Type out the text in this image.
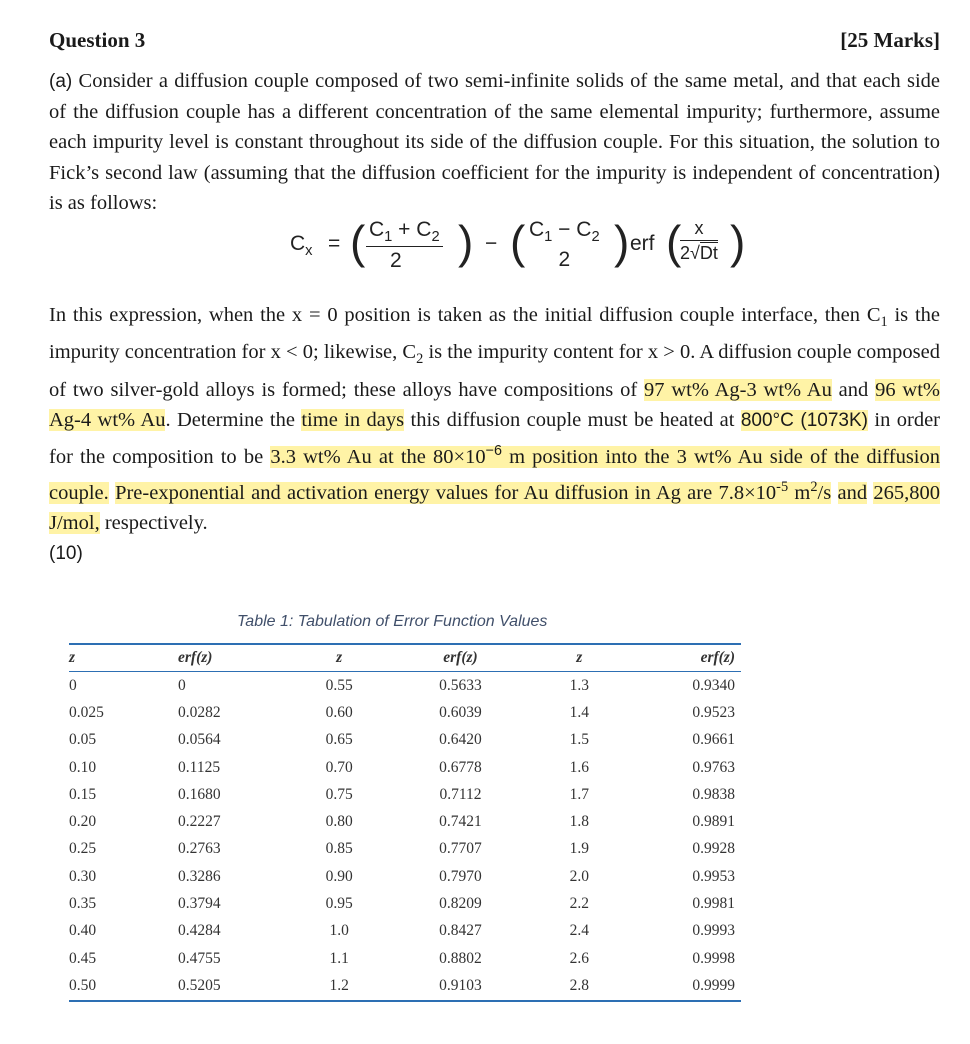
Question 3	[25 Marks]
(a) Consider a diffusion couple composed of two semi-infinite solids of the same metal, and that each side of the diffusion couple has a different concentration of the same elemental impurity; furthermore, assume each impurity level is constant throughout its side of the diffusion couple. For this situation, the solution to Fick’s second law (assuming that the diffusion coefficient for the impurity is independent of concentration) is as follows:
$C_x$ = ( $\frac{C_1 + C_2}{2}$ ) − ( $C_1 - C_2$
2 ) erf (
$\frac{x}{2√Dt}$ )
In this expression, when the x = 0 position is taken as the initial diffusion couple interface, then $C_1$ is the impurity concentration for x < 0; likewise, $C_2$ is the impurity content for x > 0. A diffusion couple composed of two silver-gold alloys is formed; these alloys have compositions of 97 wt% Ag-3 wt% Au and 96 wt% Ag-4 wt% Au. Determine the time in days this diffusion couple must be heated at 800°C (1073K) in order for the composition to be 3.3 wt% Au at the $80\times 10^{-6}$ m position into the 3 wt% Au side of the diffusion couple. Pre-exponential and activation energy values for Au diffusion in Ag are $7.8\times 10^{-5}$ $m^2/s$ and 265,800 J/mol, respectively.
(10)
Table 1: Tabulation of Error Function Values
z	erf(z)	z	erf(z)	z	erf(z)
0	0	0.55	0.5633	1.3	0.9340
0.025	0.0282	0.60	0.6039	1.4	0.9523
0.05	0.0564	0.65	0.6420	1.5	0.9661
0.10	0.1125	0.70	0.6778	1.6	0.9763
0.15	0.1680	0.75	0.7112	1.7	0.9838
0.20	0.2227	0.80	0.7421	1.8	0.9891
0.25	0.2763	0.85	0.7707	1.9	0.9928
0.30	0.3286	0.90	0.7970	2.0	0.9953
0.35	0.3794	0.95	0.8209	2.2	0.9981
0.40	0.4284	1.0	0.8427	2.4	0.9993
0.45	0.4755	1.1	0.8802	2.6	0.9998
0.50	0.5205	1.2	0.9103	2.8	0.9999
